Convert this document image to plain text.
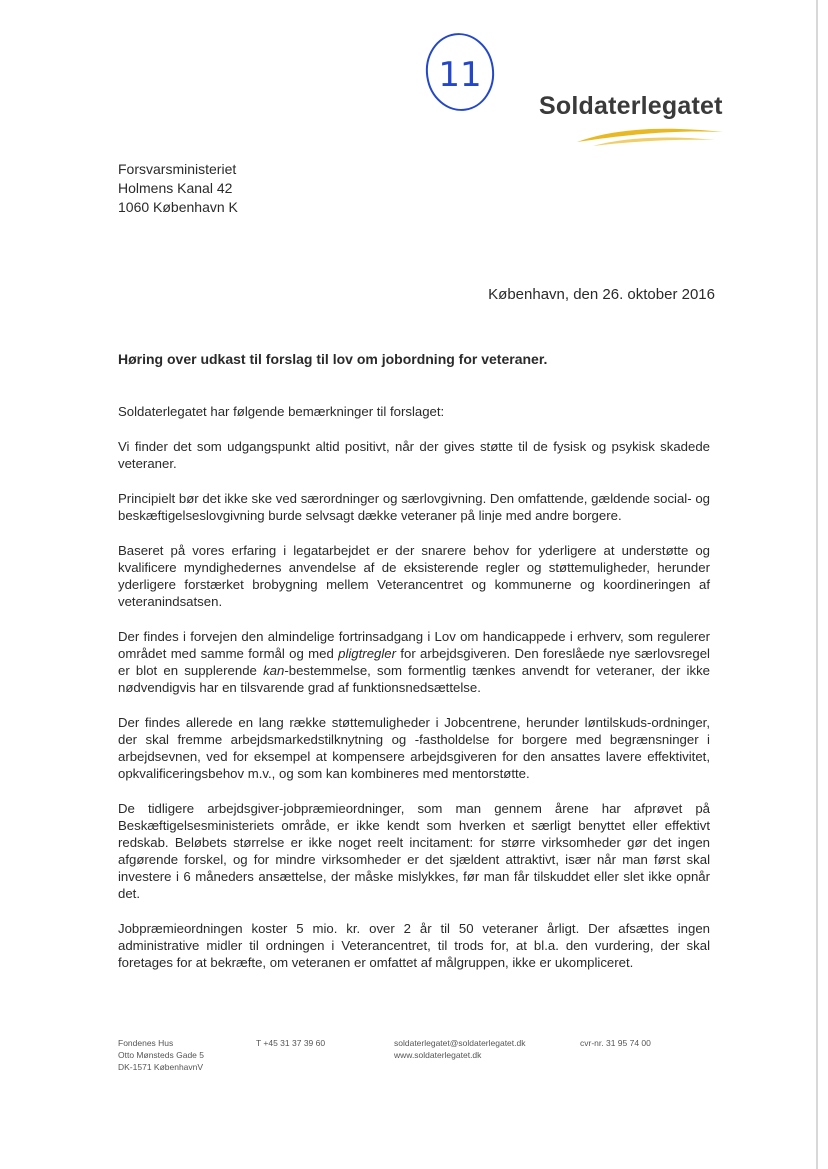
11
Soldaterlegatet
Forsvarsministeriet
Holmens Kanal 42
1060 København K
København, den 26. oktober 2016
Høring over udkast til forslag til lov om jobordning for veteraner.

Soldaterlegatet har følgende bemærkninger til forslaget:

Vi finder det som udgangspunkt altid positivt, når der gives støtte til de fysisk og psykisk skadede veteraner.

Principielt bør det ikke ske ved særordninger og særlovgivning. Den omfattende, gældende social- og beskæftigelseslovgivning burde selvsagt dække veteraner på linje med andre borgere.

Baseret på vores erfaring i legatarbejdet er der snarere behov for yderligere at understøtte og kvalificere myndighedernes anvendelse af de eksisterende regler og støttemuligheder, herunder yderligere forstærket brobygning mellem Veterancentret og kommunerne og koordineringen af veteranindsatsen.

Der findes i forvejen den almindelige fortrinsadgang i Lov om handicappede i erhverv, som regulerer området med samme formål og med pligtregler for arbejdsgiveren. Den foreslåede nye særlovsregel er blot en supplerende kan-bestemmelse, som formentlig tænkes anvendt for veteraner, der ikke nødvendigvis har en tilsvarende grad af funktionsnedsættelse.

Der findes allerede en lang række støttemuligheder i Jobcentrene, herunder løntilskuds-ordninger, der skal fremme arbejdsmarkedstilknytning og -fastholdelse for borgere med begrænsninger i arbejdsevnen, ved for eksempel at kompensere arbejdsgiveren for den ansattes lavere effektivitet, opkvalificeringsbehov m.v., og som kan kombineres med mentorstøtte.

De tidligere arbejdsgiver-jobpræmieordninger, som man gennem årene har afprøvet på Beskæftigelsesministeriets område, er ikke kendt som hverken et særligt benyttet eller effektivt redskab. Beløbets størrelse er ikke noget reelt incitament: for større virksomheder gør det ingen afgørende forskel, og for mindre virksomheder er det sjældent attraktivt, især når man først skal investere i 6 måneders ansættelse, der måske mislykkes, før man får tilskuddet eller slet ikke opnår det.

Jobpræmieordningen koster 5 mio. kr. over 2 år til 50 veteraner årligt. Der afsættes ingen administrative midler til ordningen i Veterancentret, til trods for, at bl.a. den vurdering, der skal foretages for at bekræfte, om veteranen er omfattet af målgruppen, ikke er ukompliceret.

Fondenes Hus
Otto Mønsteds Gade 5
DK-1571 KøbenhavnV
T +45 31 37 39 60	soldaterlegatet@soldaterlegatet.dk
www.soldaterlegatet.dk
cvr-nr. 31 95 74 00
